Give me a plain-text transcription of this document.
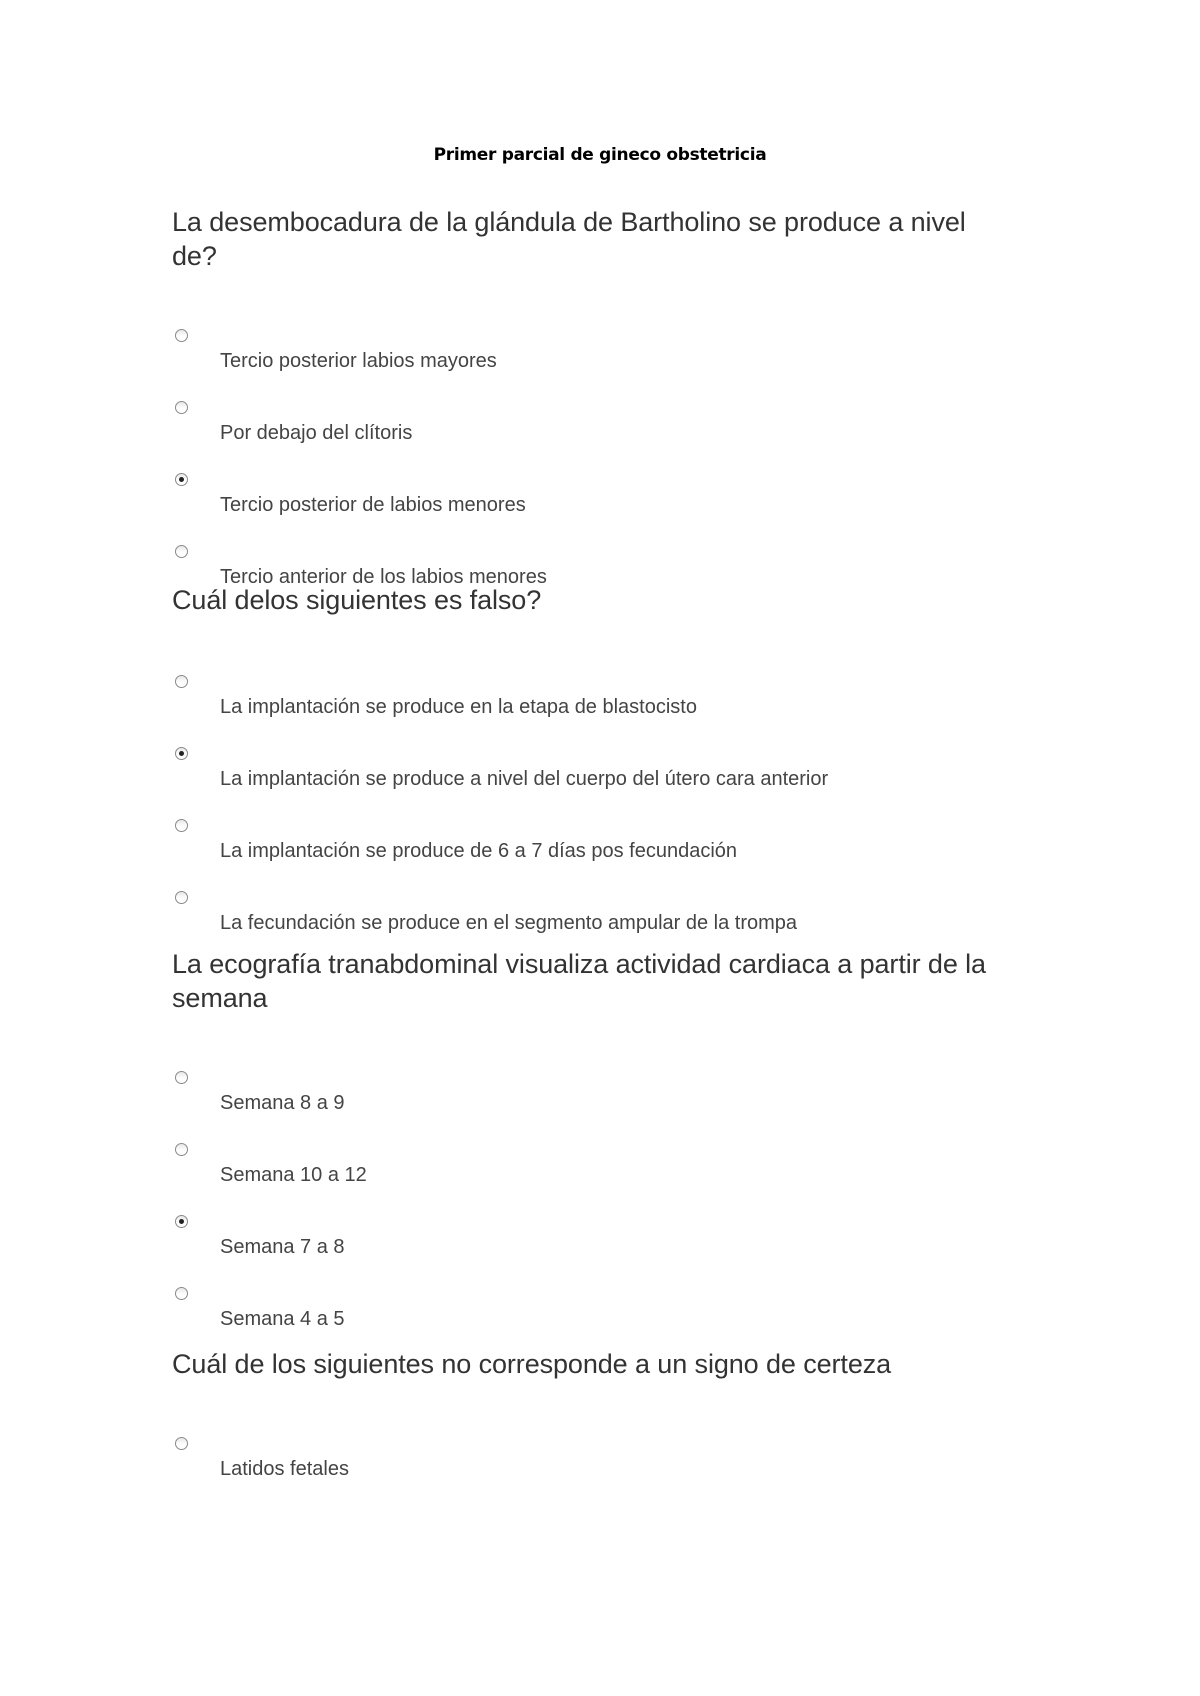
Primer parcial de gineco obstetricia
La desembocadura de la glándula de Bartholino se produce a nivel de?
Tercio posterior labios mayores
Por debajo del clítoris
Tercio posterior de labios menores
Tercio anterior de los labios menores
Cuál delos siguientes es falso?
La implantación se produce en la etapa de blastocisto
La implantación se produce a nivel del cuerpo del útero cara anterior
La implantación se produce de 6 a 7 días pos fecundación
La fecundación se produce en el segmento ampular de la trompa
La ecografía tranabdominal visualiza actividad cardiaca a partir de la semana
Semana 8 a 9
Semana 10 a 12
Semana 7 a 8
Semana 4 a 5
Cuál de los siguientes no corresponde a un signo de certeza
Latidos fetales
